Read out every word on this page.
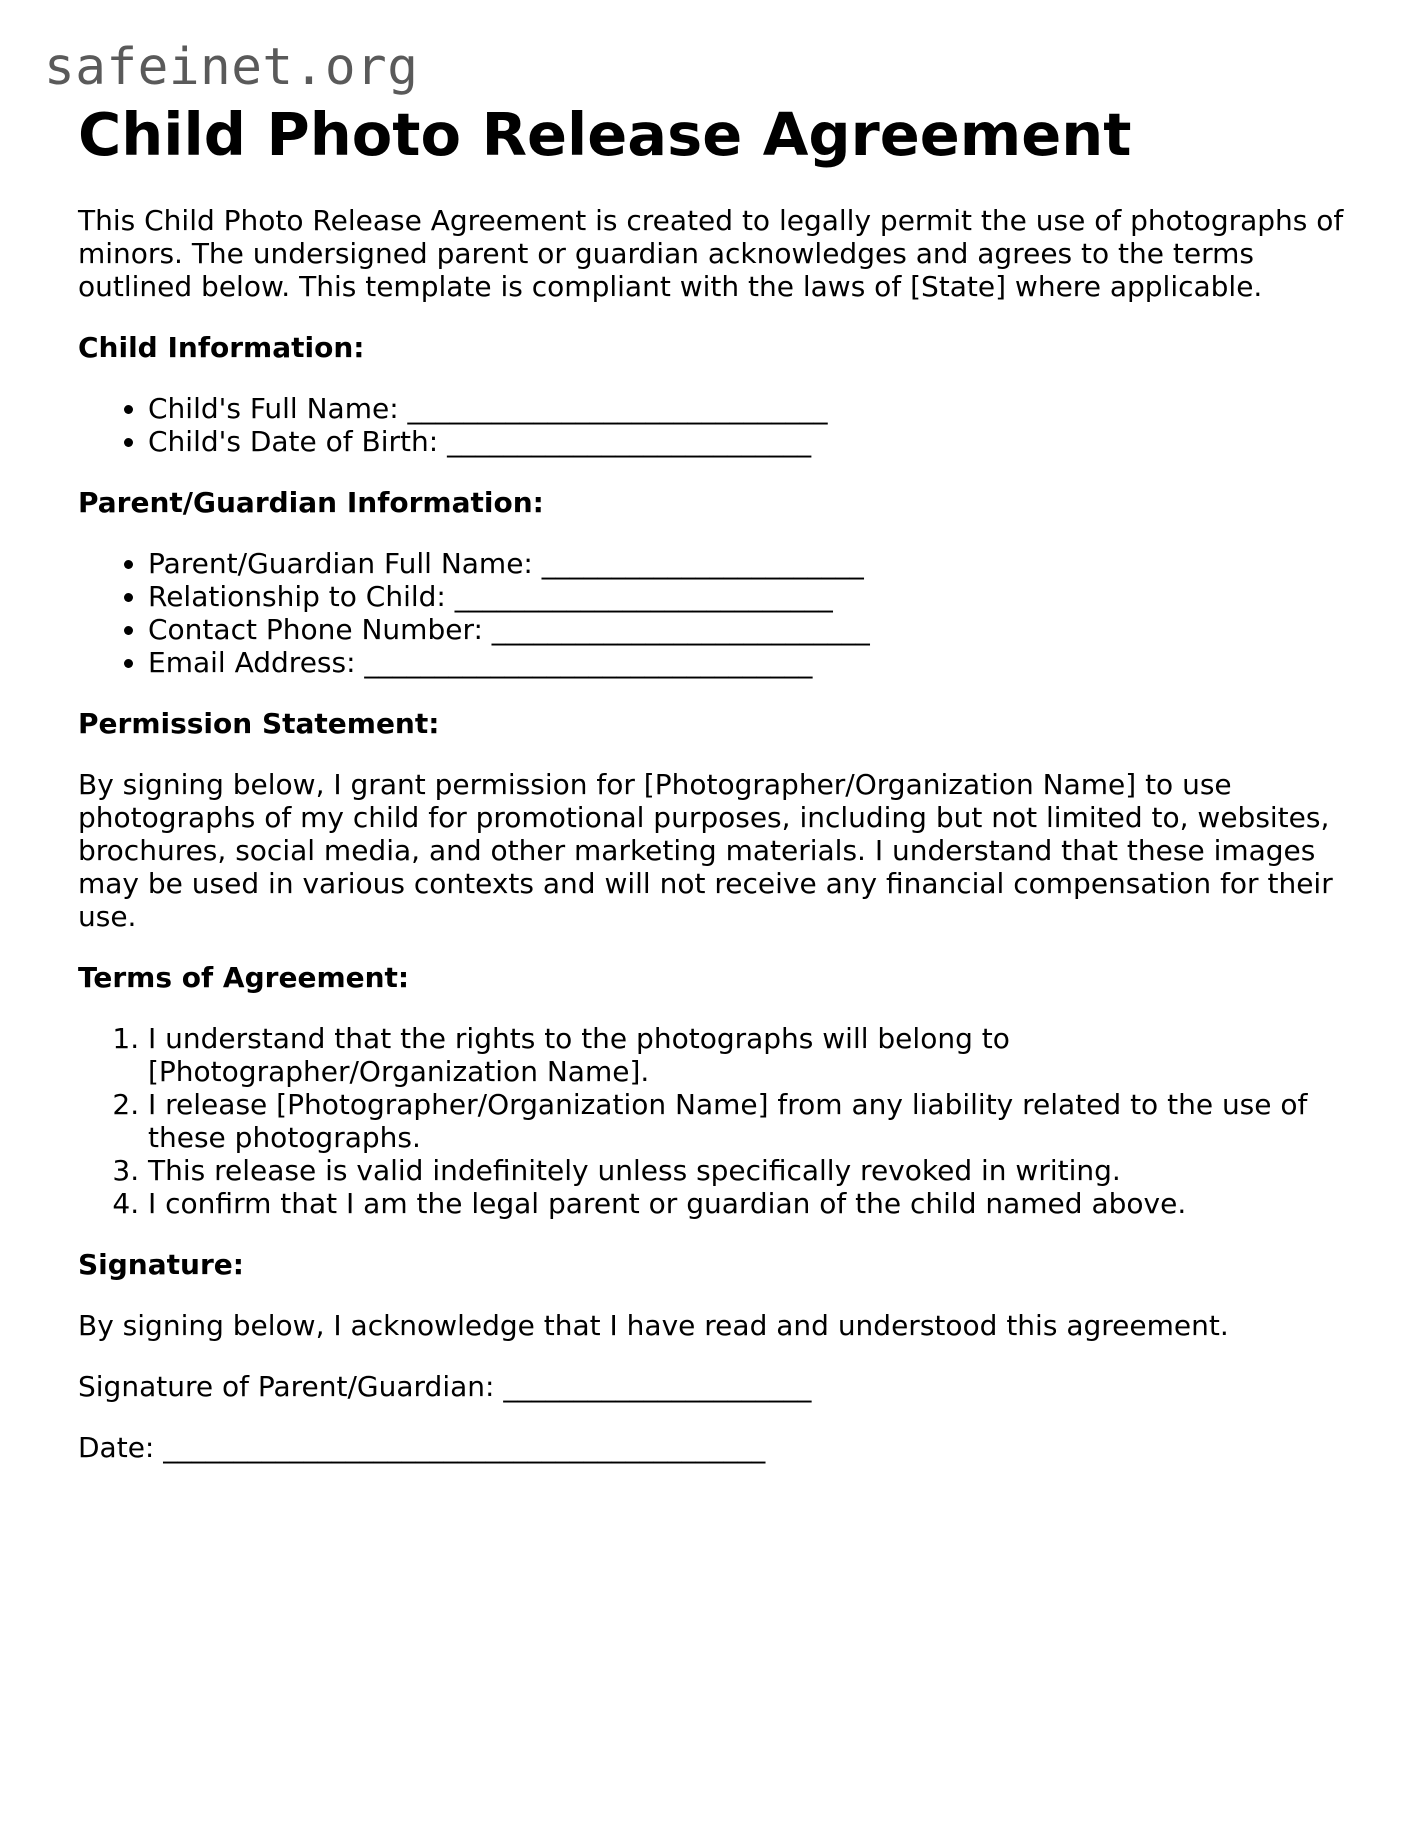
safeinet.org
Child Photo Release Agreement

This Child Photo Release Agreement is created to legally permit the use of photographs of minors. The undersigned parent or guardian acknowledges and agrees to the terms outlined below. This template is compliant with the laws of [State] where applicable.

Child Information:

• Child's Full Name: ______________________________
• Child's Date of Birth: __________________________

Parent/Guardian Information:

• Parent/Guardian Full Name: _______________________
• Relationship to Child: ___________________________
• Contact Phone Number: ___________________________
• Email Address: ________________________________

Permission Statement:

By signing below, I grant permission for [Photographer/Organization Name] to use photographs of my child for promotional purposes, including but not limited to, websites, brochures, social media, and other marketing materials. I understand that these images may be used in various contexts and will not receive any financial compensation for their use.

Terms of Agreement:

1. I understand that the rights to the photographs will belong to [Photographer/Organization Name].
2. I release [Photographer/Organization Name] from any liability related to the use of these photographs.
3. This release is valid indefinitely unless specifically revoked in writing.
4. I confirm that I am the legal parent or guardian of the child named above.

Signature:

By signing below, I acknowledge that I have read and understood this agreement.

Signature of Parent/Guardian: ______________________

Date: ___________________________________________
